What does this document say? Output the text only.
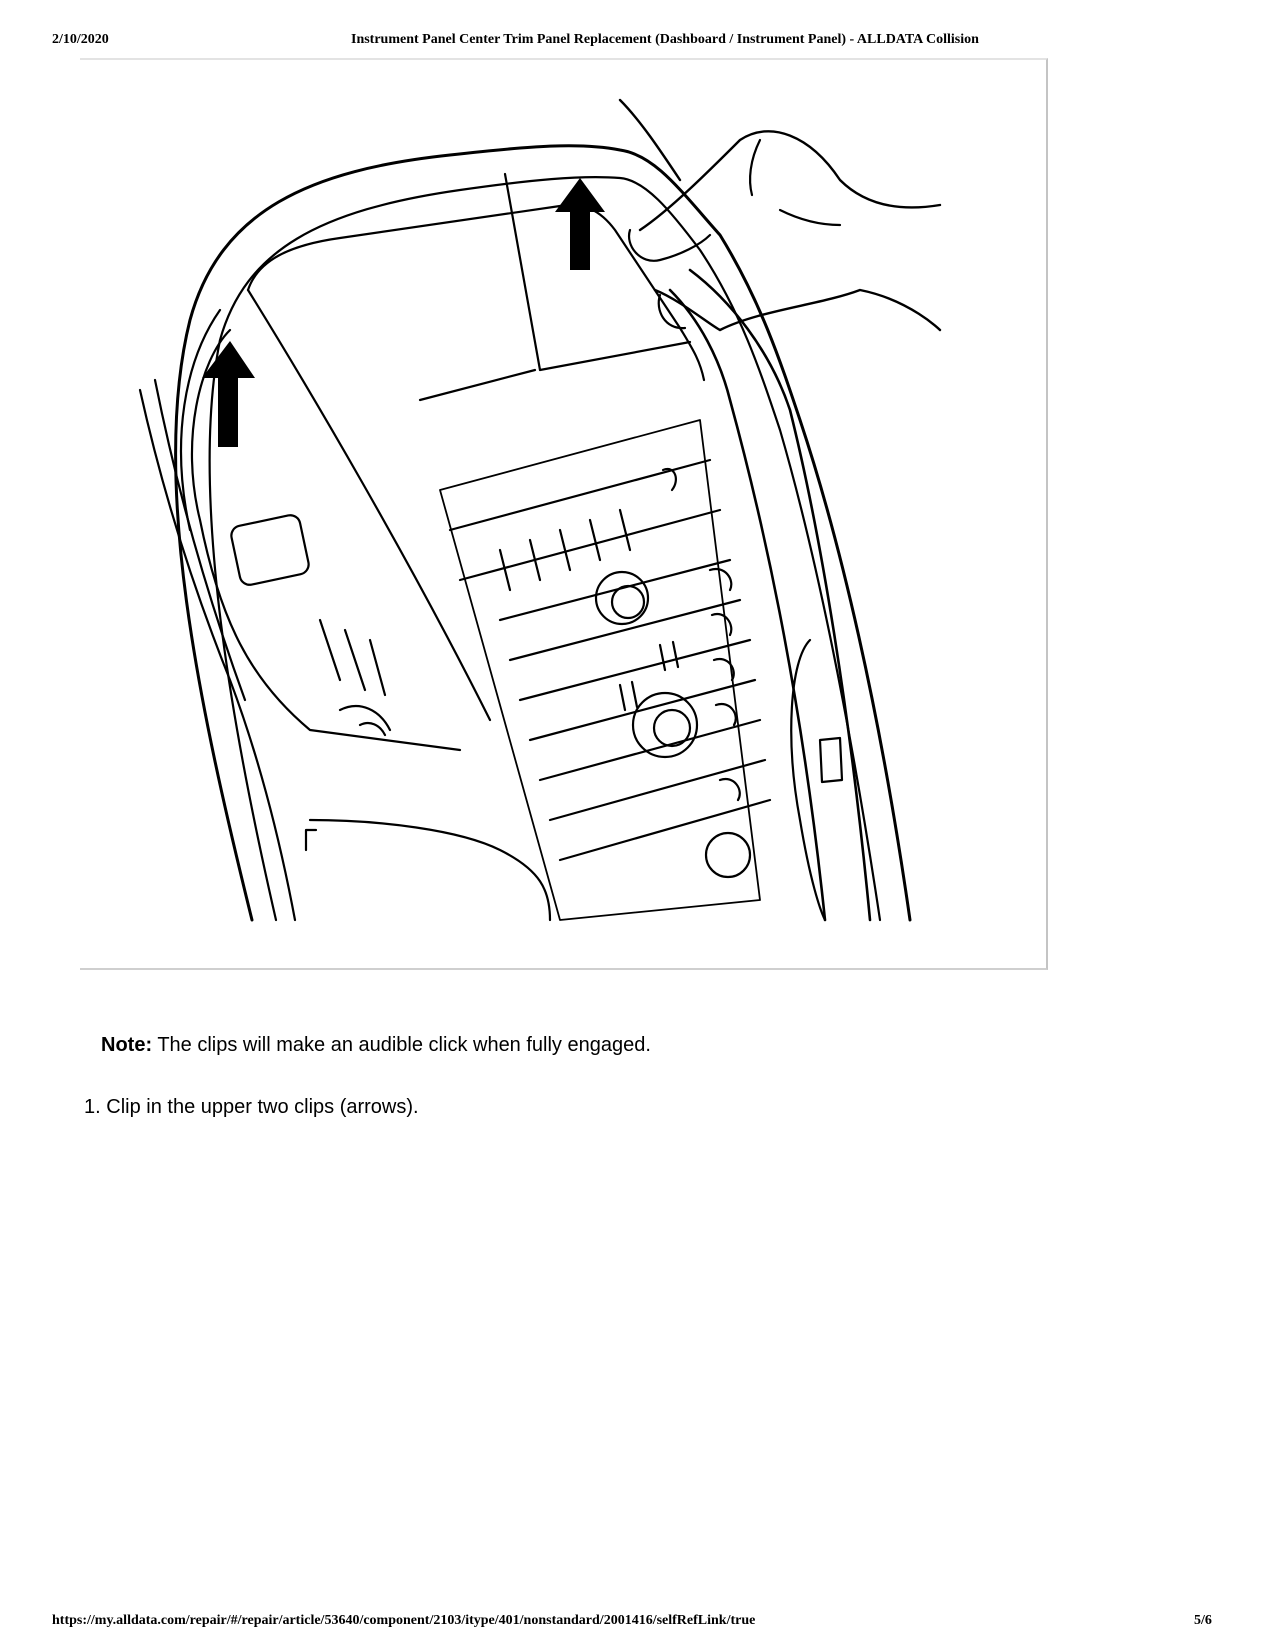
2/10/2020	Instrument Panel Center Trim Panel Replacement (Dashboard / Instrument Panel) - ALLDATA Collision
Note: The clips will make an audible click when fully engaged.
1. Clip in the upper two clips (arrows).
https://my.alldata.com/repair/#/repair/article/53640/component/2103/itype/401/nonstandard/2001416/selfRefLink/true	5/6
